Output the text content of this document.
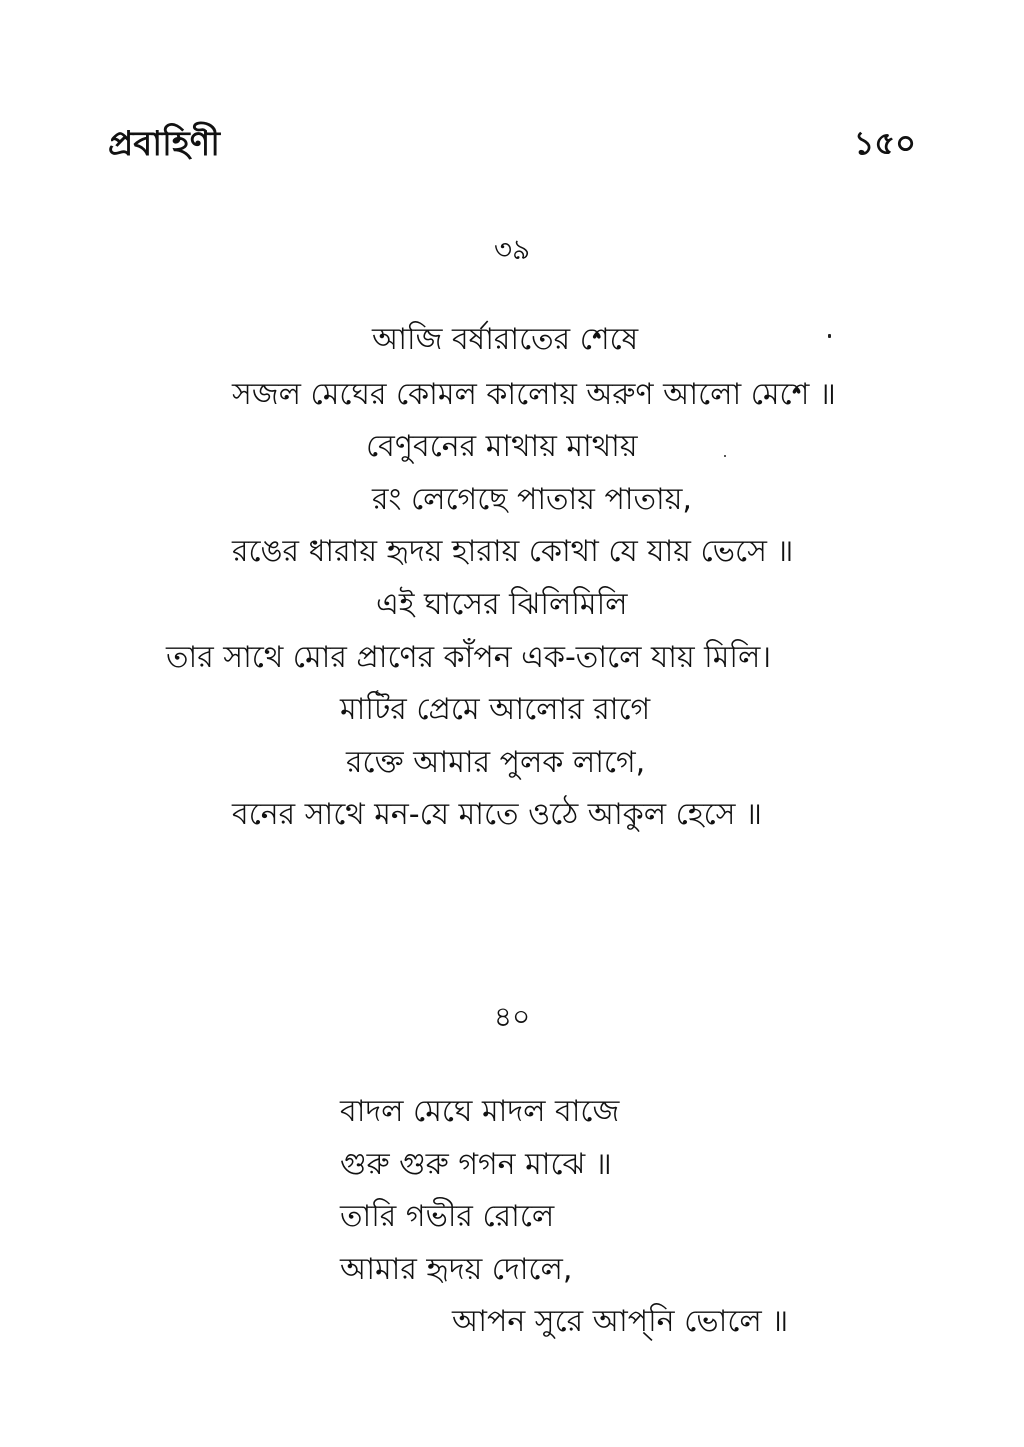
প্রবাহিণী	১৫০
৩৯
আজি বর্ষারাতের শেষে
সজল মেঘের কোমল কালোয় অরুণ আলো মেশে ॥
বেণুবনের মাথায় মাথায়
রং লেগেছে পাতায় পাতায়,
রঙের ধারায় হৃদয় হারায় কোথা যে যায় ভেসে ॥
এই ঘাসের ঝিলিমিলি
তার সাথে মোর প্রাণের কাঁপন এক-তালে যায় মিলি।
মাটির প্রেমে আলোর রাগে
রক্তে আমার পুলক লাগে,
বনের সাথে মন-যে মাতে ওঠে আকুল হেসে ॥
৪০
বাদল মেঘে মাদল বাজে
গুরু গুরু গগন মাঝে ॥
তারি গভীর রোলে
আমার হৃদয় দোলে,
আপন সুরে আপ্‌নি ভোলে ॥
